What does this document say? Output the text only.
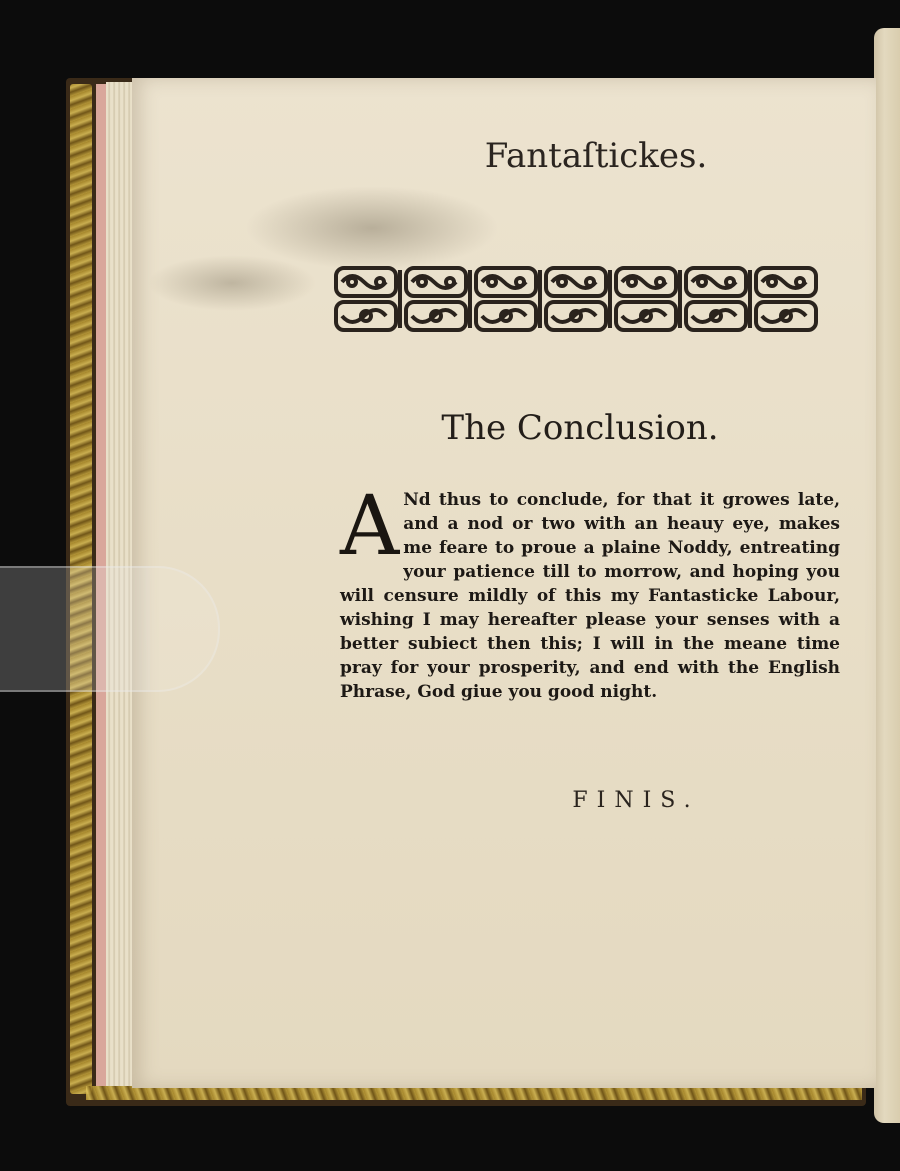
Fantaſtickes.
The Conclusion.
A Nd thus to conclude, for that it growes late, and a nod or two with an heauy eye, makes me feare to proue a plaine Noddy, entreating your patience till to morrow, and hoping you will censure mildly of this my Fantasticke Labour, wishing I may hereafter please your senses with a better subiect then this; I will in the meane time pray for your prosperity, and end with the English Phrase, God giue you good night.
FINIS.
